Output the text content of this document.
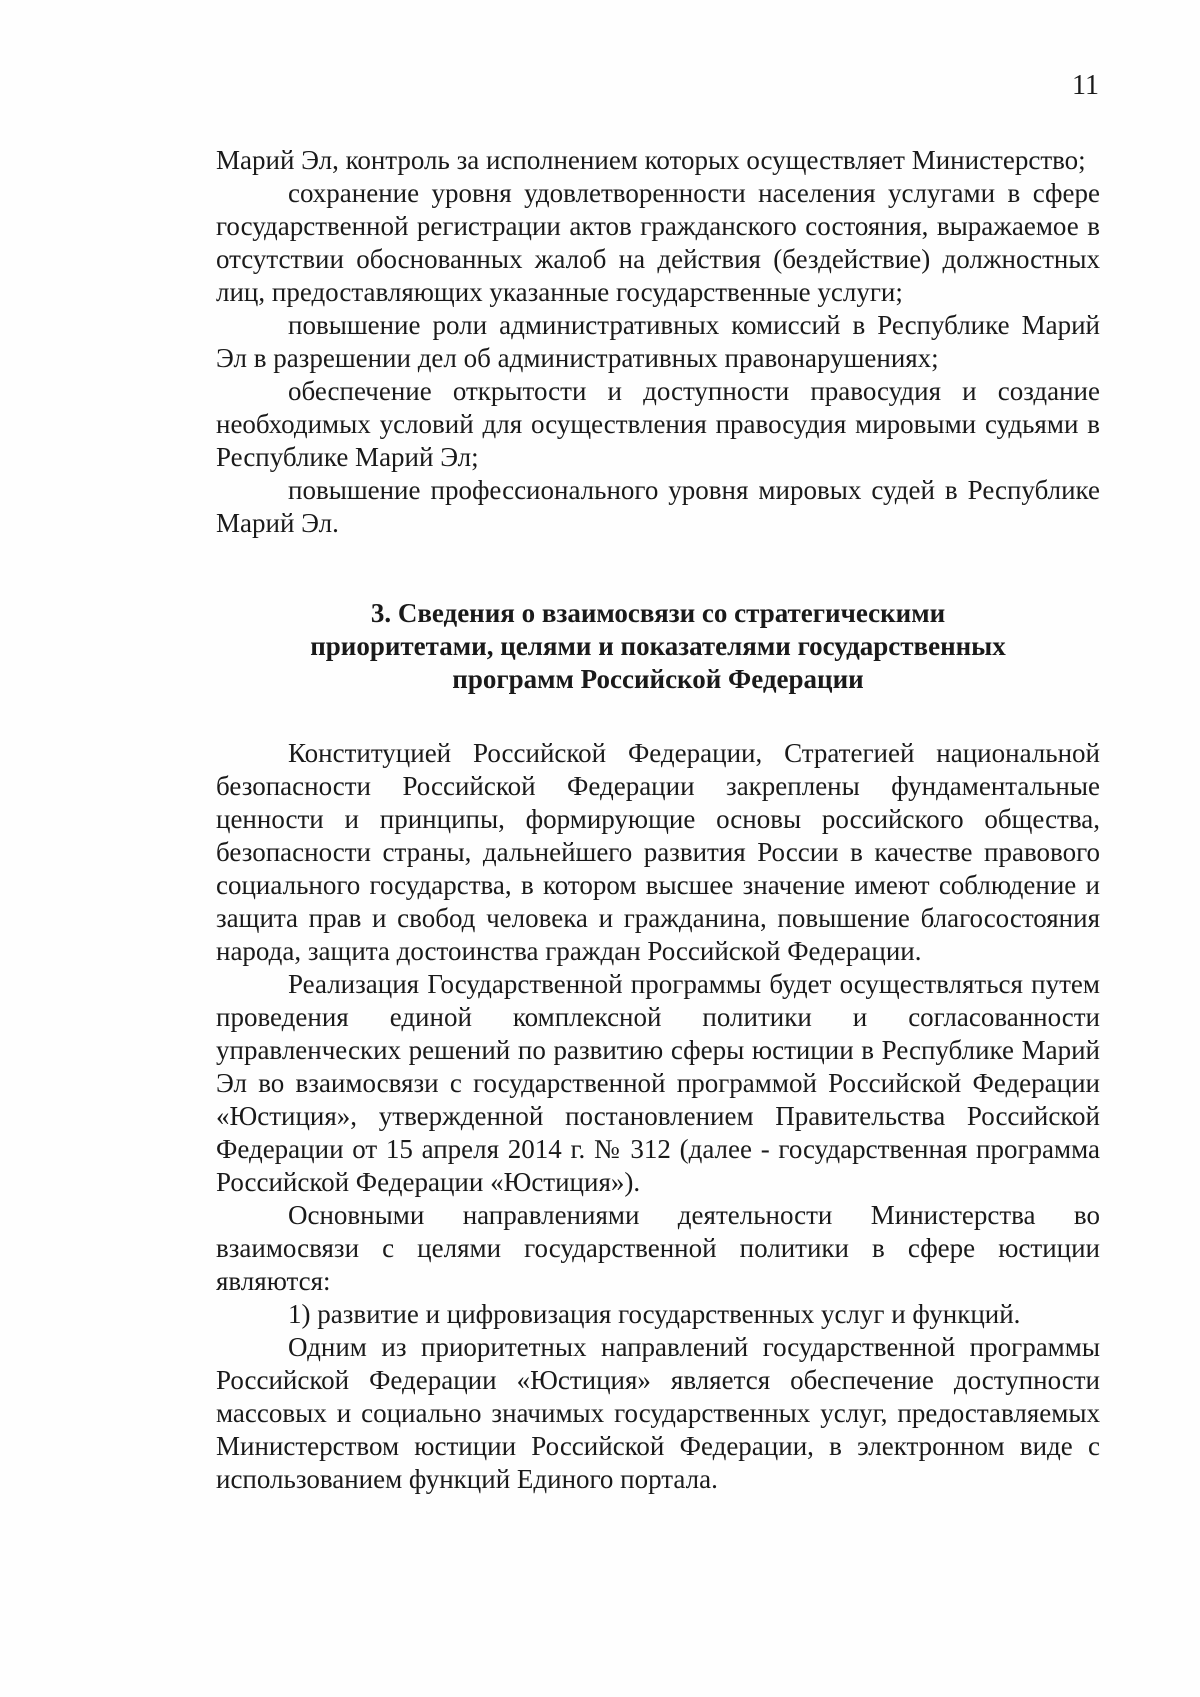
11

Марий Эл, контроль за исполнением которых осуществляет Министерство;

сохранение уровня удовлетворенности населения услугами в сфере государственной регистрации актов гражданского состояния, выражаемое в отсутствии обоснованных жалоб на действия (бездействие) должностных лиц, предоставляющих указанные государственные услуги;

повышение роли административных комиссий в Республике Марий Эл в разрешении дел об административных правонарушениях;

обеспечение открытости и доступности правосудия и создание необходимых условий для осуществления правосудия мировыми судьями в Республике Марий Эл;

повышение профессионального уровня мировых судей в Республике Марий Эл.

3. Сведения о взаимосвязи со стратегическими
приоритетами, целями и показателями государственных
программ Российской Федерации

Конституцией Российской Федерации, Стратегией национальной безопасности Российской Федерации закреплены фундаментальные ценности и принципы, формирующие основы российского общества, безопасности страны, дальнейшего развития России в качестве правового социального государства, в котором высшее значение имеют соблюдение и защита прав и свобод человека и гражданина, повышение благосостояния народа, защита достоинства граждан Российской Федерации.

Реализация Государственной программы будет осуществляться путем проведения единой комплексной политики и согласованности управленческих решений по развитию сферы юстиции в Республике Марий Эл во взаимосвязи с государственной программой Российской Федерации «Юстиция», утвержденной постановлением Правительства Российской Федерации от 15 апреля 2014 г. № 312 (далее - государственная программа Российской Федерации «Юстиция»).

Основными направлениями деятельности Министерства во взаимосвязи с целями государственной политики в сфере юстиции являются:

1) развитие и цифровизация государственных услуг и функций.

Одним из приоритетных направлений государственной программы Российской Федерации «Юстиция» является обеспечение доступности массовых и социально значимых государственных услуг, предоставляемых Министерством юстиции Российской Федерации, в электронном виде с использованием функций Единого портала.
